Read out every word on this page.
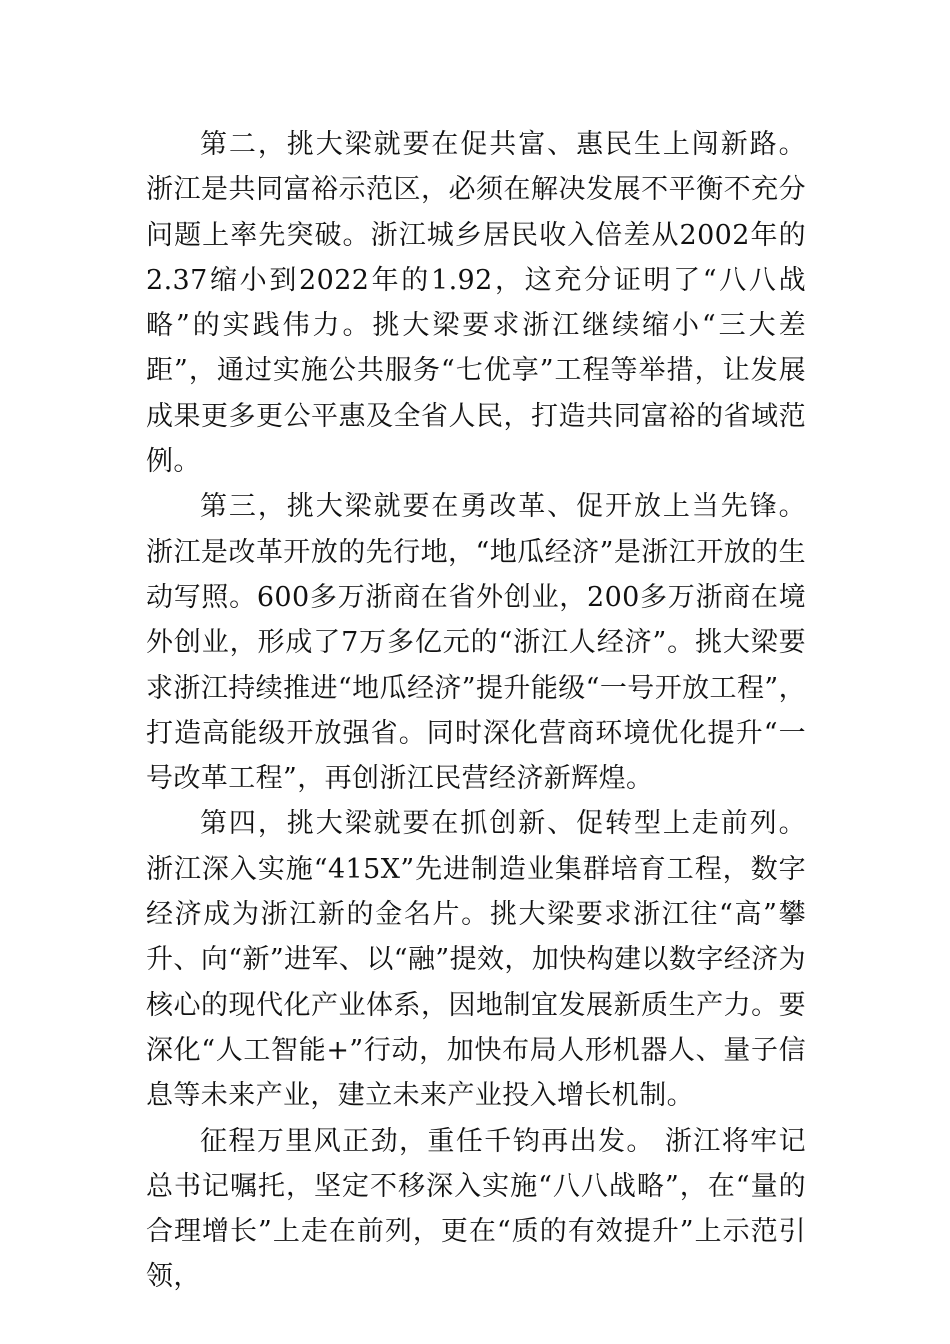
第二，挑大梁就要在促共富、惠民生上闯新路。 浙江是共同富裕示范区，必须在解决发展不平衡不充分问题上率先突破。浙江城乡居民收入倍差从2002年的2.37缩小到2022年的1.92，这充分证明了“八八战略”的实践伟力。挑大梁要求浙江继续缩小“三大差距”，通过实施公共服务“七优享”工程等举措，让发展成果更多更公平惠及全省人民，打造共同富裕的省域范例。

第三，挑大梁就要在勇改革、促开放上当先锋。 浙江是改革开放的先行地，“地瓜经济”是浙江开放的生动写照。600多万浙商在省外创业，200多万浙商在境外创业，形成了7万多亿元的“浙江人经济”。挑大梁要求浙江持续推进“地瓜经济”提升能级“一号开放工程”，打造高能级开放强省。同时深化营商环境优化提升“一号改革工程”，再创浙江民营经济新辉煌。

第四，挑大梁就要在抓创新、促转型上走前列。 浙江深入实施“415X”先进制造业集群培育工程，数字经济成为浙江新的金名片。挑大梁要求浙江往“高”攀升、向“新”进军、以“融”提效，加快构建以数字经济为核心的现代化产业体系，因地制宜发展新质生产力。要深化“人工智能+”行动，加快布局人形机器人、量子信息等未来产业，建立未来产业投入增长机制。

征程万里风正劲，重任千钧再出发。 浙江将牢记总书记嘱托，坚定不移深入实施“八八战略”，在“量的合理增长”上走在前列，更在“质的有效提升”上示范引领，
